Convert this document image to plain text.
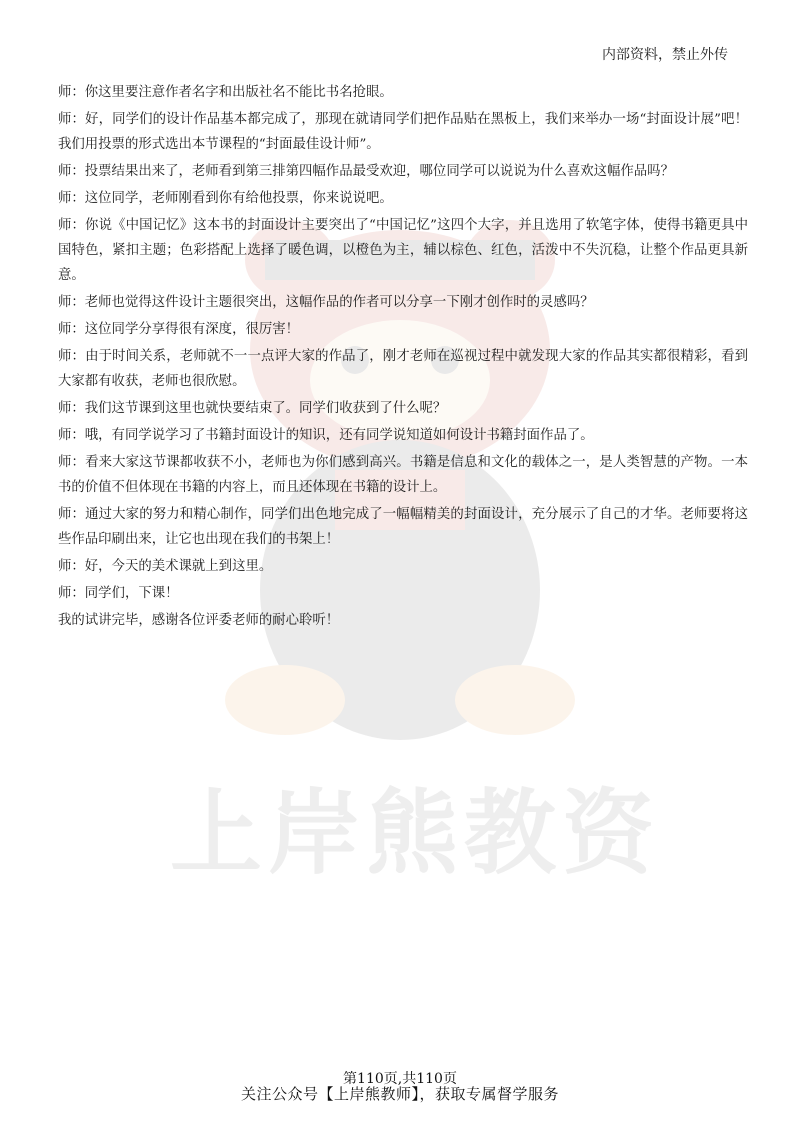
上岸熊教资
内部资料，禁止外传

师：你这里要注意作者名字和出版社名不能比书名抢眼。

师：好，同学们的设计作品基本都完成了，那现在就请同学们把作品贴在黑板上，我们来举办一场“封面设计展”吧！我们用投票的形式选出本节课程的“封面最佳设计师”。

师：投票结果出来了，老师看到第三排第四幅作品最受欢迎，哪位同学可以说说为什么喜欢这幅作品吗？

师：这位同学，老师刚看到你有给他投票，你来说说吧。

师：你说《中国记忆》这本书的封面设计主要突出了“中国记忆”这四个大字，并且选用了软笔字体，使得书籍更具中国特色，紧扣主题；色彩搭配上选择了暖色调，以橙色为主，辅以棕色、红色，活泼中不失沉稳，让整个作品更具新意。

师：老师也觉得这件设计主题很突出，这幅作品的作者可以分享一下刚才创作时的灵感吗？

师：这位同学分享得很有深度，很厉害！

师：由于时间关系，老师就不一一点评大家的作品了，刚才老师在巡视过程中就发现大家的作品其实都很精彩，看到大家都有收获，老师也很欣慰。

师：我们这节课到这里也就快要结束了。同学们收获到了什么呢？

师：哦，有同学说学习了书籍封面设计的知识，还有同学说知道如何设计书籍封面作品了。

师：看来大家这节课都收获不小，老师也为你们感到高兴。书籍是信息和文化的载体之一，是人类智慧的产物。一本书的价值不但体现在书籍的内容上，而且还体现在书籍的设计上。

师：通过大家的努力和精心制作，同学们出色地完成了一幅幅精美的封面设计，充分展示了自己的才华。老师要将这些作品印刷出来，让它也出现在我们的书架上！

师：好，今天的美术课就上到这里。

师：同学们，下课！

我的试讲完毕，感谢各位评委老师的耐心聆听！

第110页,共110页
关注公众号【上岸熊教师】，获取专属督学服务
